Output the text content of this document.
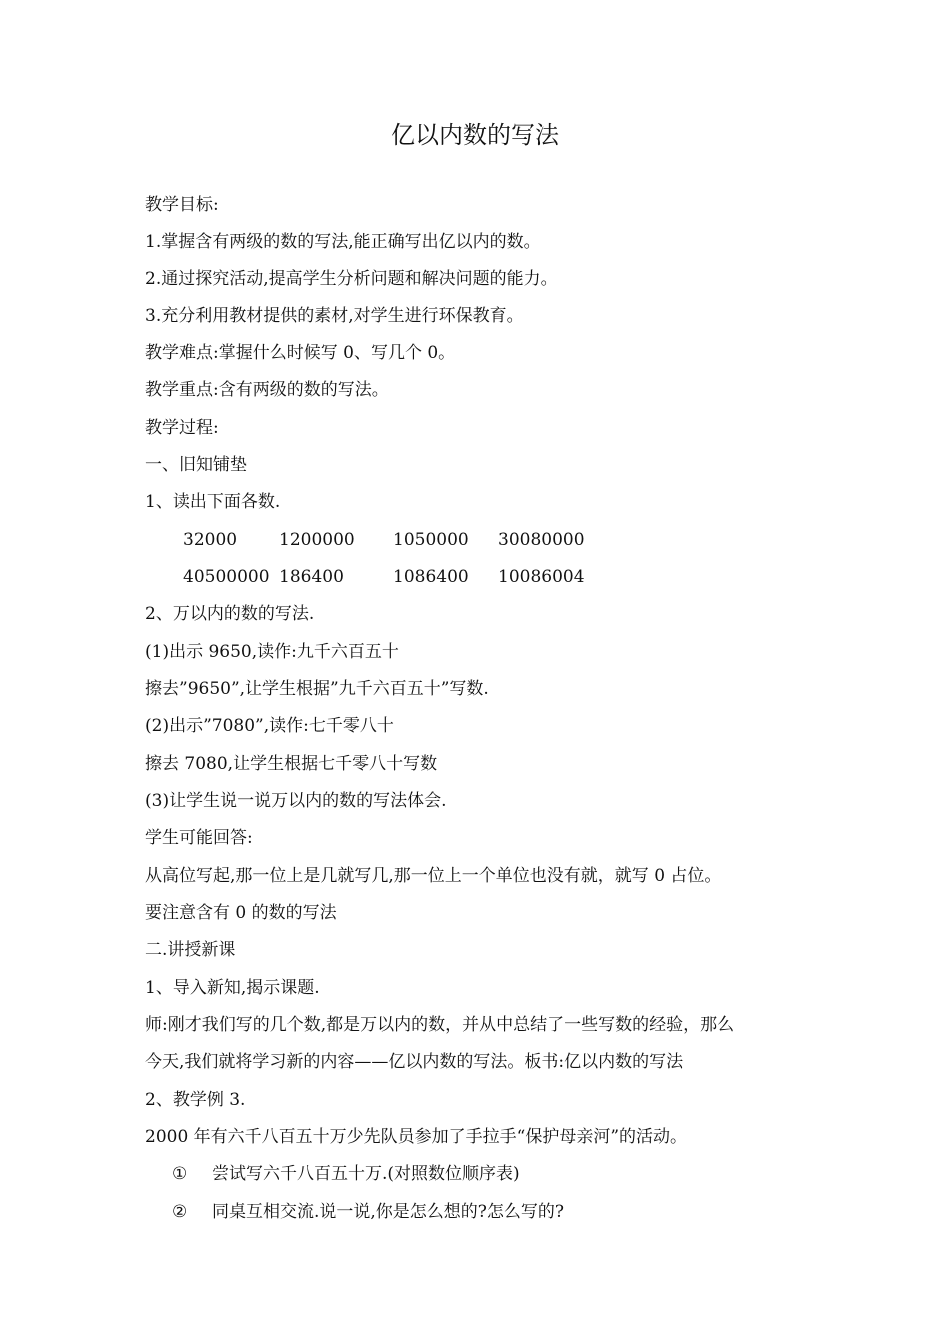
亿以内数的写法
教学目标:
1.掌握含有两级的数的写法,能正确写出亿以内的数。
2.通过探究活动,提高学生分析问题和解决问题的能力。
3.充分利用教材提供的素材,对学生进行环保教育。
教学难点:掌握什么时候写 0、写几个 0。
教学重点:含有两级的数的写法。
教学过程:
一、旧知铺垫
1、读出下面各数.
32000 1200000 1050000 30080000
40500000 186400	1086400 10086004
2、万以内的数的写法.
(1)出示 9650,读作:九千六百五十
擦去”9650”,让学生根据”九千六百五十”写数.
(2)出示”7080”,读作:七千零八十
擦去 7080,让学生根据七千零八十写数
(3)让学生说一说万以内的数的写法体会.
学生可能回答:
从高位写起,那一位上是几就写几,那一位上一个单位也没有就，就写 0 占位。
要注意含有 0 的数的写法
二.讲授新课
1、导入新知,揭示课题.
师:刚才我们写的几个数,都是万以内的数，并从中总结了一些写数的经验，那么
今天,我们就将学习新的内容——亿以内数的写法。板书:亿以内数的写法
2、教学例 3.
2000 年有六千八百五十万少先队员参加了手拉手“保护母亲河”的活动。
① 尝试写六千八百五十万.(对照数位顺序表)
② 同桌互相交流.说一说,你是怎么想的?怎么写的?
